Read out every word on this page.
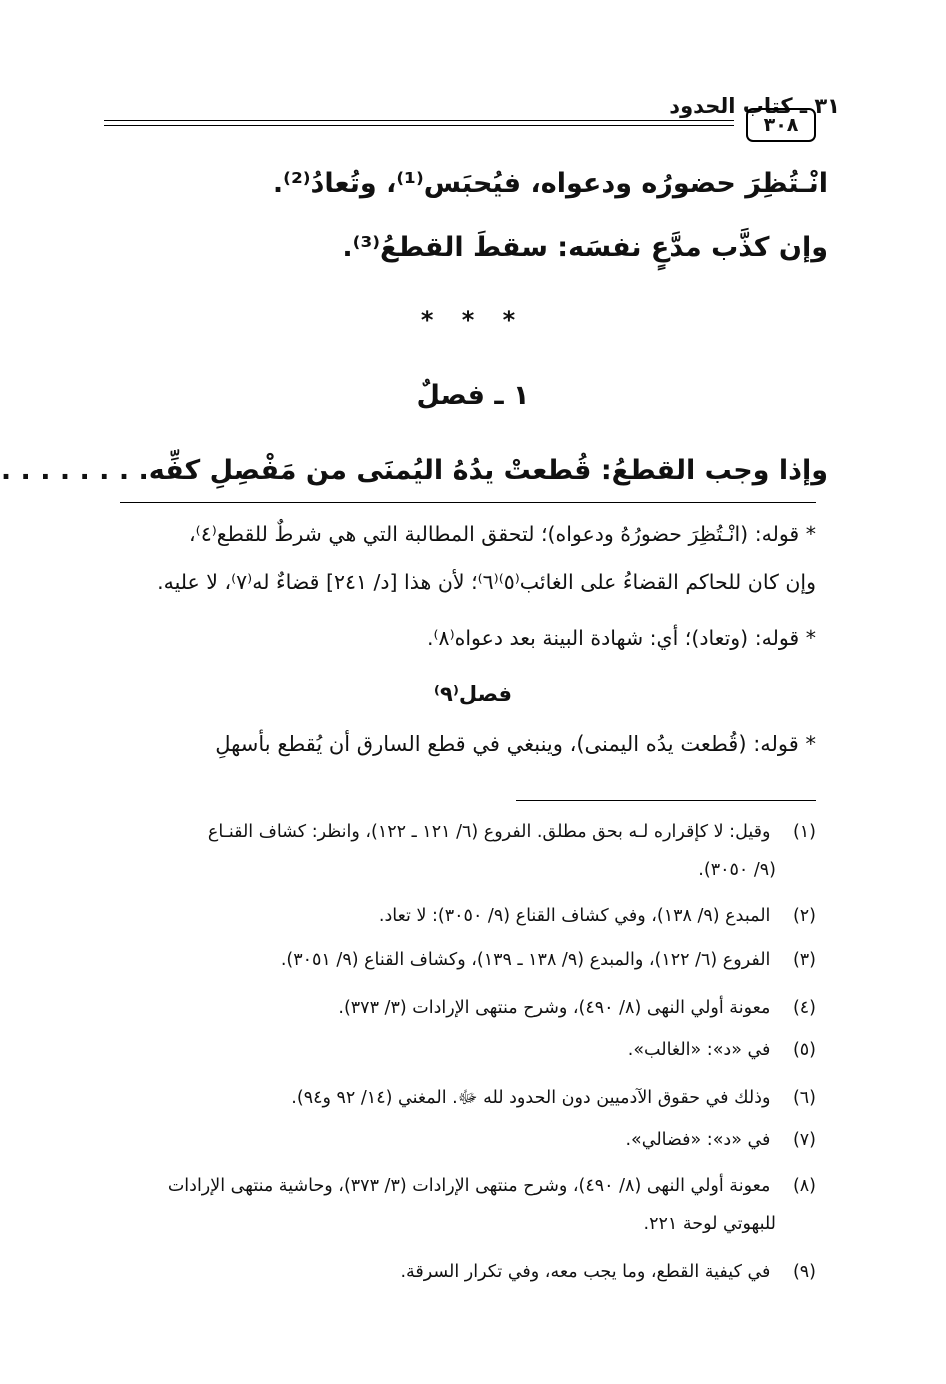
٣١ ـ كتاب الحدود
٣٠٨
انْـتُظِرَ حضورُه ودعواه، فيُحبَس⁽¹⁾، وتُعادُ⁽²⁾.
وإن كذَّب مدَّعٍ نفسَه: سقطَ القطعُ⁽³⁾.
* * *
١ ـ فصلٌ
وإذا وجب القطعُ: قُطعتْ يدُهُ اليُمنَى من مَفْصِلِ كفِّه. . . . . . . .
* قوله: (انْـتُظِرَ حضورُهُ ودعواه)؛ لتحقق المطالبة التي هي شرطٌ للقطع⁽٤⁾،
وإن كان للحاكم القضاءُ على الغائب⁽٥⁾⁽٦⁾؛ لأن هذا [د/ ٢٤١] قضاءٌ له⁽٧⁾، لا عليه.
* قوله: (وتعاد)؛ أي: شهادة البينة بعد دعواه⁽٨⁾.
فصل⁽٩⁾
* قوله: (قُطعت يدُه اليمنى)، وينبغي في قطع السارق أن يُقطع بأسهلِ
(١) وقيل: لا كإقراره لـه بحق مطلق. الفروع (٦/ ١٢١ ـ ١٢٢)، وانظر: كشاف القنـاع
(٩/ ٣٠٥٠).
(٢) المبدع (٩/ ١٣٨)، وفي كشاف القناع (٩/ ٣٠٥٠): لا تعاد.
(٣) الفروع (٦/ ١٢٢)، والمبدع (٩/ ١٣٨ ـ ١٣٩)، وكشاف القناع (٩/ ٣٠٥١).
(٤) معونة أولي النهى (٨/ ٤٩٠)، وشرح منتهى الإرادات (٣/ ٣٧٣).
(٥) في «د»: «الغالب».
(٦) وذلك في حقوق الآدميين دون الحدود لله ﷻ. المغني (١٤/ ٩٢ و٩٤).
(٧) في «د»: «فضالي».
(٨) معونة أولي النهى (٨/ ٤٩٠)، وشرح منتهى الإرادات (٣/ ٣٧٣)، وحاشية منتهى الإرادات
للبهوتي لوحة ٢٢١.
(٩) في كيفية القطع، وما يجب معه، وفي تكرار السرقة.
